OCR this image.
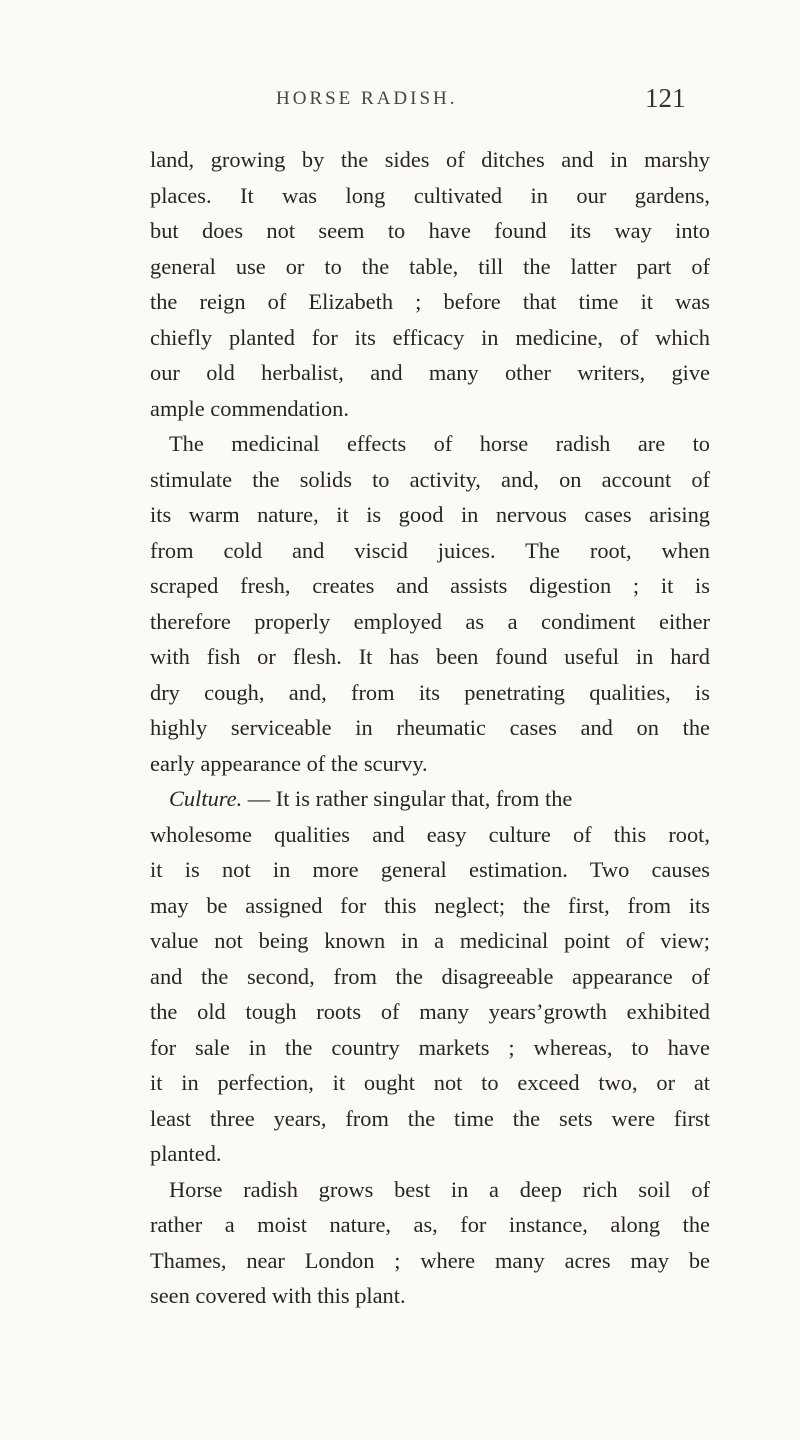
HORSE RADISH.	121
land, growing by the sides of ditches and in marshy
places. It was long cultivated in our gardens,
but does not seem to have found its way into
general use or to the table, till the latter part of
the reign of Elizabeth ; before that time it was
chiefly planted for its efficacy in medicine, of which
our old herbalist, and many other writers, give
ample commendation.
The medicinal effects of horse radish are to
stimulate the solids to activity, and, on account of
its warm nature, it is good in nervous cases arising
from cold and viscid juices. The root, when
scraped fresh, creates and assists digestion ; it is
therefore properly employed as a condiment either
with fish or flesh. It has been found useful in hard
dry cough, and, from its penetrating qualities, is
highly serviceable in rheumatic cases and on the
early appearance of the scurvy.
Culture. — It is rather singular that, from the
wholesome qualities and easy culture of this root,
it is not in more general estimation. Two causes
may be assigned for this neglect; the first, from its
value not being known in a medicinal point of view;
and the second, from the disagreeable appearance of
the old tough roots of many years’growth exhibited
for sale in the country markets ; whereas, to have
it in perfection, it ought not to exceed two, or at
least three years, from the time the sets were first
planted.
Horse radish grows best in a deep rich soil of
rather a moist nature, as, for instance, along the
Thames, near London ; where many acres may be
seen covered with this plant.
